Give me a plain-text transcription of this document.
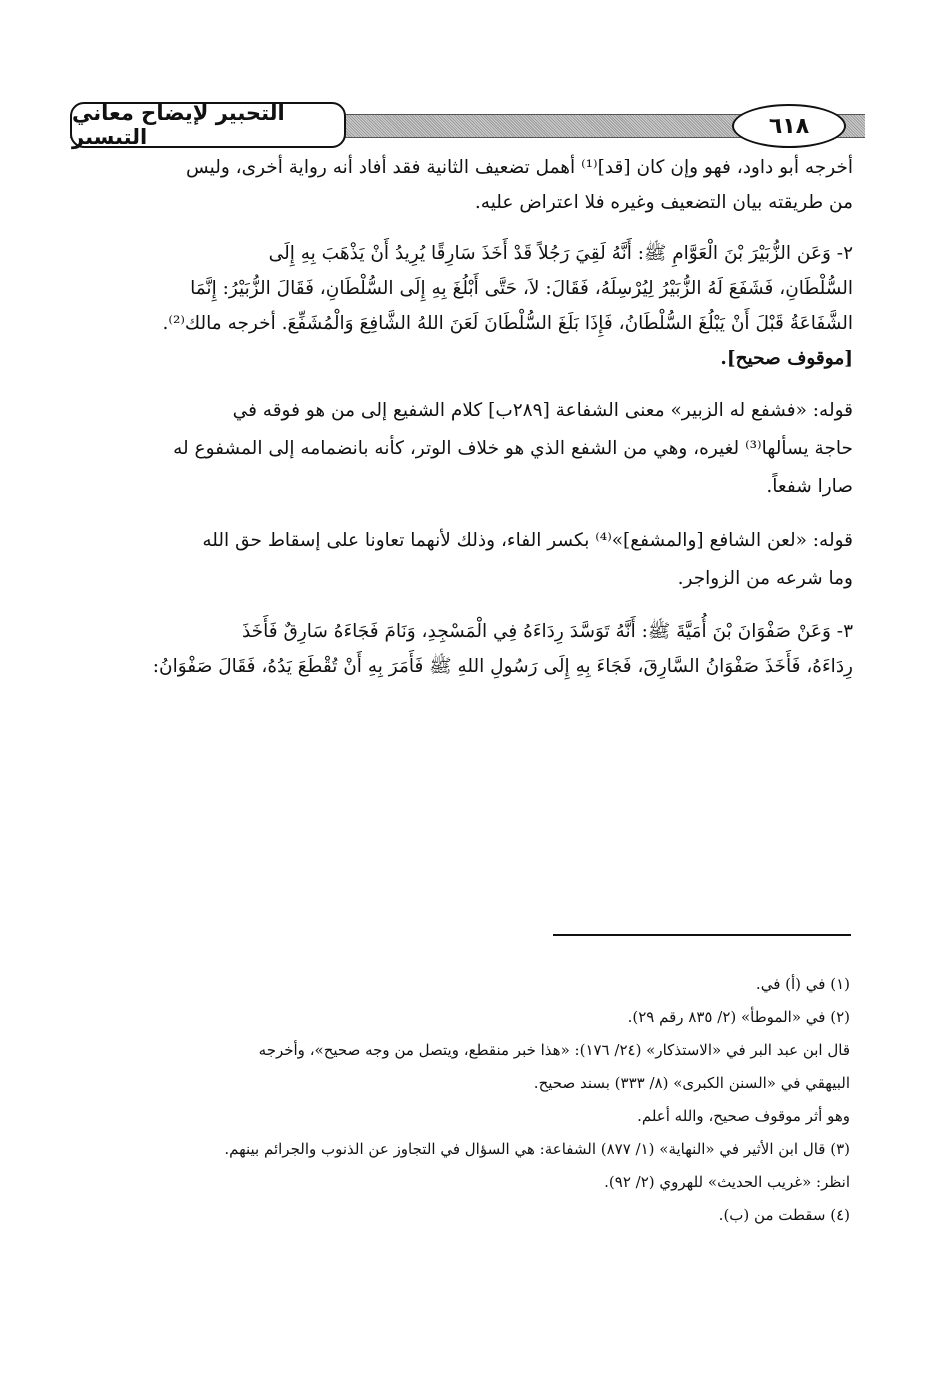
التحبير لإيضاح معاني التيسير	٦١٨

أخرجه أبو داود، فهو وإن كان [قد]⁽¹⁾ أهمل تضعيف الثانية فقد أفاد أنه رواية أخرى، وليس

من طريقته بيان التضعيف وغيره فلا اعتراض عليه.

٢- وَعَن الزُّبَيْرَ بْنَ الْعَوَّامِ ﷺ: أَنَّهُ لَقِيَ رَجُلاً قَدْ أَخَذَ سَارِقًا يُرِيدُ أَنْ يَذْهَبَ بِهِ إِلَى

السُّلْطَانِ، فَشَفَعَ لَهُ الزُّبَيْرُ لِيُرْسِلَهُ، فَقَالَ: لاَ، حَتَّى أَبْلُغَ بِهِ إِلَى السُّلْطَانِ، فَقَالَ الزُّبَيْرُ: إِنَّمَا

الشَّفَاعَةُ قَبْلَ أَنْ يَبْلُغَ السُّلْطَانُ، فَإِذَا بَلَغَ السُّلْطَانَ لَعَنَ اللهُ الشَّافِعَ وَالْمُشَفِّعَ. أخرجه مالك⁽²⁾.

[موقوف صحيح].

قوله: «فشفع له الزبير» معنى الشفاعة [٢٨٩ب] كلام الشفيع إلى من هو فوقه في

حاجة يسألها⁽³⁾ لغيره، وهي من الشفع الذي هو خلاف الوتر، كأنه بانضمامه إلى المشفوع له

صارا شفعاً.

قوله: «لعن الشافع [والمشفع]»⁽⁴⁾ بكسر الفاء، وذلك لأنهما تعاونا على إسقاط حق الله

وما شرعه من الزواجر.

٣- وَعَنْ صَفْوَانَ بْنَ أُمَيَّةَ ﷺ: أَنَّهُ تَوَسَّدَ رِدَاءَهُ فِي الْمَسْجِدِ، وَنَامَ فَجَاءَهُ سَارِقٌ فَأَخَذَ

رِدَاءَهُ، فَأَخَذَ صَفْوَانُ السَّارِقَ، فَجَاءَ بِهِ إِلَى رَسُولِ اللهِ ﷺ فَأَمَرَ بِهِ أَنْ تُقْطَعَ يَدُهُ، فَقَالَ صَفْوَانُ:

(١) في (أ) في.

(٢) في «الموطأ» (٢/ ٨٣٥ رقم ٢٩).

قال ابن عبد البر في «الاستذكار» (٢٤/ ١٧٦): «هذا خبر منقطع، ويتصل من وجه صحيح»، وأخرجه

البيهقي في «السنن الكبرى» (٨/ ٣٣٣) بسند صحيح.

وهو أثر موقوف صحيح، والله أعلم.

(٣) قال ابن الأثير في «النهاية» (١/ ٨٧٧) الشفاعة: هي السؤال في التجاوز عن الذنوب والجرائم بينهم.

انظر: «غريب الحديث» للهروي (٢/ ٩٢).

(٤) سقطت من (ب).
